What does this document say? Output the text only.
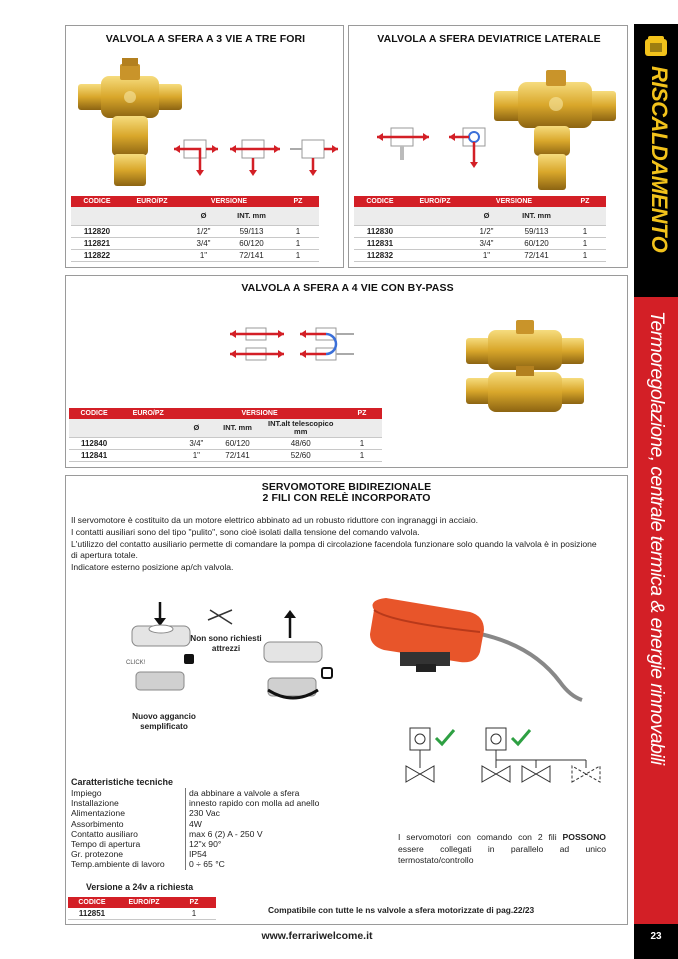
RISCALDAMENTO
Termoregolazione, centrale termica & energie rinnovabili
23
VALVOLA A SFERA A 3 VIE A TRE FORI
CODICE	EURO/PZ	VERSIONE		PZ
		Ø	INT. mm	
112820		1/2"	59/113	1
112821		3/4"	60/120	1
112822		1"	72/141	1
VALVOLA A SFERA DEVIATRICE LATERALE
CODICE	EURO/PZ	VERSIONE		PZ
		Ø	INT. mm	
112830		1/2"	59/113	1
112831		3/4"	60/120	1
112832		1"	72/141	1
VALVOLA A SFERA A 4 VIE CON BY-PASS
CODICE	EURO/PZ	VERSIONE			PZ
		Ø	INT. mm	INT.alt telescopico mm	
112840		3/4"	60/120	48/60	1
112841		1"	72/141	52/60	1
SERVOMOTORE BIDIREZIONALE
2 FILI CON RELÈ INCORPORATO
Il servomotore è costituito da un motore elettrico abbinato ad un robusto riduttore con ingranaggi in acciaio.
I contatti ausiliari sono del tipo "pulito", sono cioè isolati dalla tensione del comando valvola.
L'utilizzo del contatto ausiliario permette di comandare la pompa di circolazione facendola funzionare solo quando la valvola è in posizione di apertura totale.
Indicatore esterno posizione ap/ch valvola.
Non sono richiesti attrezzi
CLICK!
Nuovo aggancio semplificato
Caratteristiche tecniche
Impiego	da abbinare a valvole a sfera
Installazione	innesto rapido con molla ad anello
Alimentazione	230 Vac
Assorbimento	4W
Contatto ausiliaro	max 6 (2) A - 250 V
Tempo di apertura	12"x 90°
Gr. protezone	IP54
Temp.ambiente di lavoro	0 ÷ 65 °C
I servomotori con comando con 2 fili POSSONO essere collegati in parallelo ad unico termostato/controllo
Versione a 24v a richiesta
CODICE	EURO/PZ	PZ
112851		1	Compatibile con tutte le ns valvole a sfera motorizzate di pag.22/23
www.ferrariwelcome.it
